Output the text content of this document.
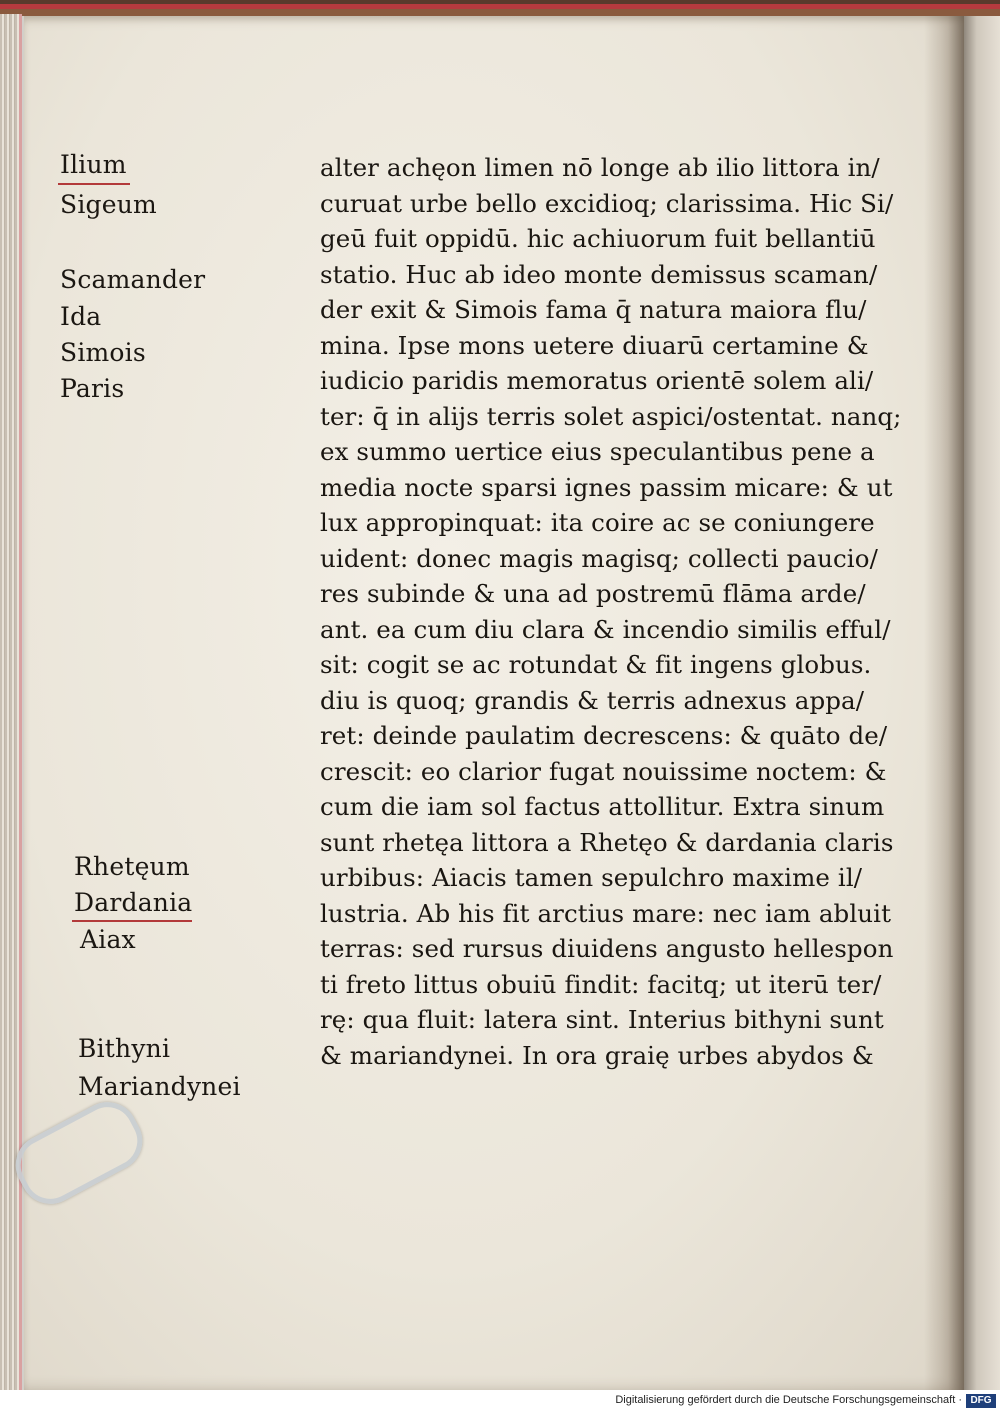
Ilium
Sigeum
Scamander
Ida
Simois
Paris
Rhetęum
Dardania
Aiax
Bithyni
Mariandynei
alter achęon limen nō longe ab ilio littora in/
curuat urbe bello excidioq; clarissima. Hic Si/
geū fuit oppidū. hic achiuorum fuit bellantiū
statio. Huc ab ideo monte demissus scaman/
der exit & Simois fama q̄ natura maiora flu/
mina. Ipse mons uetere diuarū certamine &
iudicio paridis memoratus orientē solem ali/
ter: q̄ in alijs terris solet aspici/ostentat. nanq;
ex summo uertice eius speculantibus pene a
media nocte sparsi ignes passim micare: & ut
lux appropinquat: ita coire ac se coniungere
uident: donec magis magisq; collecti paucio/
res subinde & una ad postremū flāma arde/
ant. ea cum diu clara & incendio similis efful/
sit: cogit se ac rotundat & fit ingens globus.
diu is quoq; grandis & terris adnexus appa/
ret: deinde paulatim decrescens: & quāto de/
crescit: eo clarior fugat nouissime noctem: &
cum die iam sol factus attollitur. Extra sinum
sunt rhetęa littora a Rhetęo & dardania claris
urbibus: Aiacis tamen sepulchro maxime il/
lustria. Ab his fit arctius mare: nec iam abluit
terras: sed rursus diuidens angusto hellespon
ti freto littus obuiū findit: facitq; ut iterū ter/
rę: qua fluit: latera sint. Interius bithyni sunt
& mariandynei. In ora graię urbes abydos &
Digitalisierung gefördert durch die Deutsche Forschungsgemeinschaft · DFG
